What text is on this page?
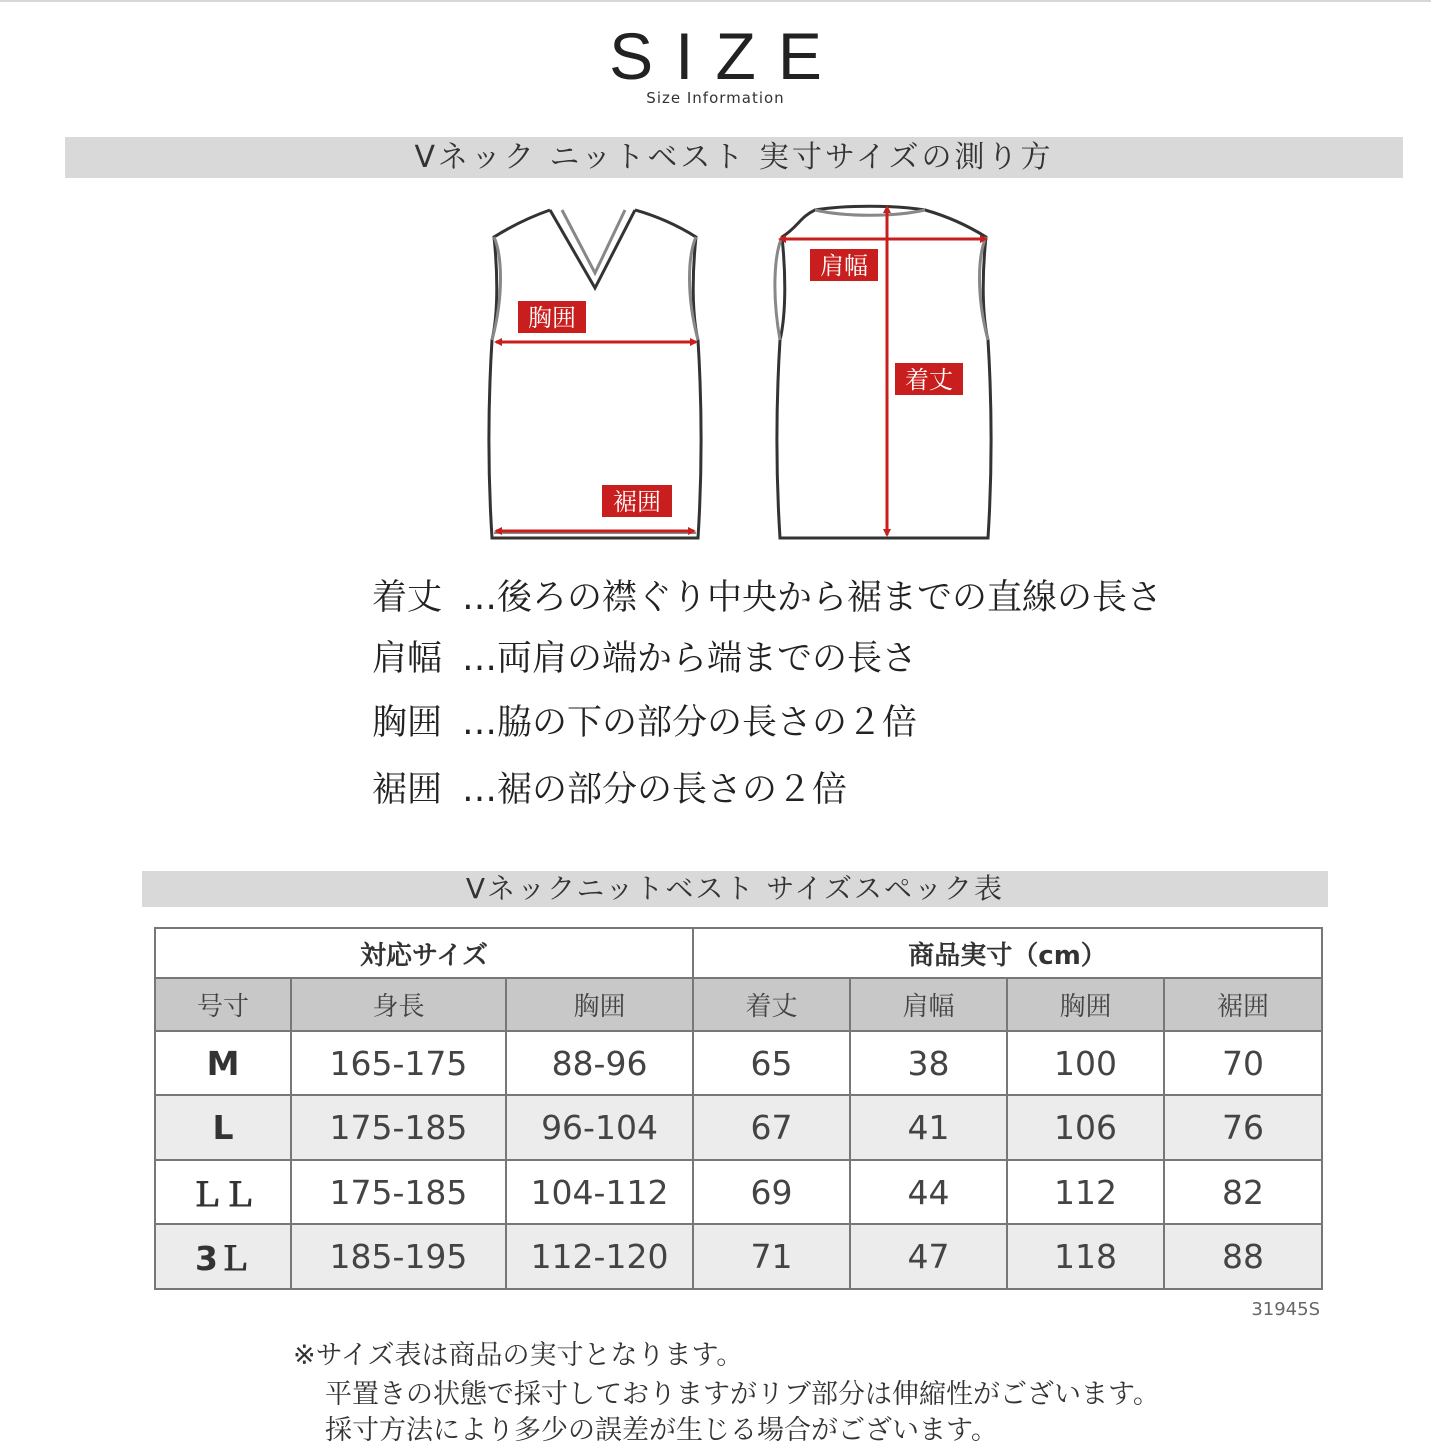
SIZE
Size Information
Vネック ニットベスト 実寸サイズの測り方
胸囲
裾囲
肩幅
着丈
着丈 …後ろの襟ぐり中央から裾までの直線の長さ
肩幅 …両肩の端から端までの長さ
胸囲 …脇の下の部分の長さの２倍
裾囲 …裾の部分の長さの２倍
Vネックニットベスト サイズスペック表
対応サイズ			商品実寸（cm）			
号寸	身長	胸囲	着丈	肩幅	胸囲	裾囲
M	165-175	88-96	65	38	100	70
L	175-185	96-104	67	41	106	76
ＬＬ	175-185	104-112	69	44	112	82
3Ｌ	185-195	112-120	71	47	118	88
31945S
※サイズ表は商品の実寸となります。
平置きの状態で採寸しておりますがリブ部分は伸縮性がございます。
採寸方法により多少の誤差が生じる場合がございます。
